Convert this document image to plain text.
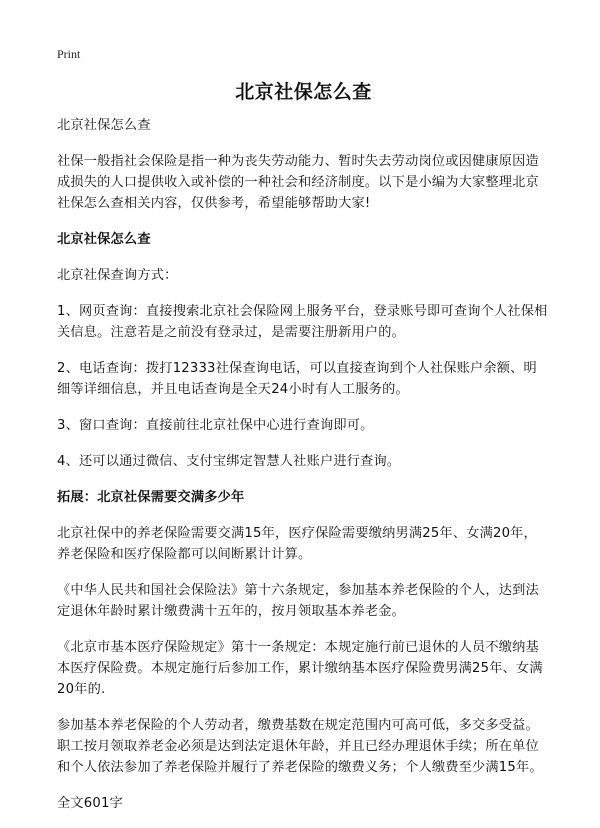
Print
北京社保怎么查

北京社保怎么查

社保一般指社会保险是指一种为丧失劳动能力、暂时失去劳动岗位或因健康原因造成损失的人口提供收入或补偿的一种社会和经济制度。以下是小编为大家整理北京社保怎么查相关内容，仅供参考，希望能够帮助大家!

北京社保怎么查

北京社保查询方式：

1、网页查询：直接搜索北京社会保险网上服务平台，登录账号即可查询个人社保相关信息。注意若是之前没有登录过，是需要注册新用户的。

2、电话查询：拨打12333社保查询电话，可以直接查询到个人社保账户余额、明细等详细信息，并且电话查询是全天24小时有人工服务的。

3、窗口查询：直接前往北京社保中心进行查询即可。

4、还可以通过微信、支付宝绑定智慧人社账户进行查询。

拓展：北京社保需要交满多少年

北京社保中的养老保险需要交满15年，医疗保险需要缴纳男满25年、女满20年，养老保险和医疗保险都可以间断累计计算。

《中华人民共和国社会保险法》第十六条规定，参加基本养老保险的个人，达到法定退休年龄时累计缴费满十五年的，按月领取基本养老金。

《北京市基本医疗保险规定》第十一条规定：本规定施行前已退休的人员不缴纳基本医疗保险费。本规定施行后参加工作，累计缴纳基本医疗保险费男满25年、女满20年的.

参加基本养老保险的个人劳动者，缴费基数在规定范围内可高可低，多交多受益。职工按月领取养老金必须是达到法定退休年龄，并且已经办理退休手续；所在单位和个人依法参加了养老保险并履行了养老保险的缴费义务；个人缴费至少满15年。

全文601字
